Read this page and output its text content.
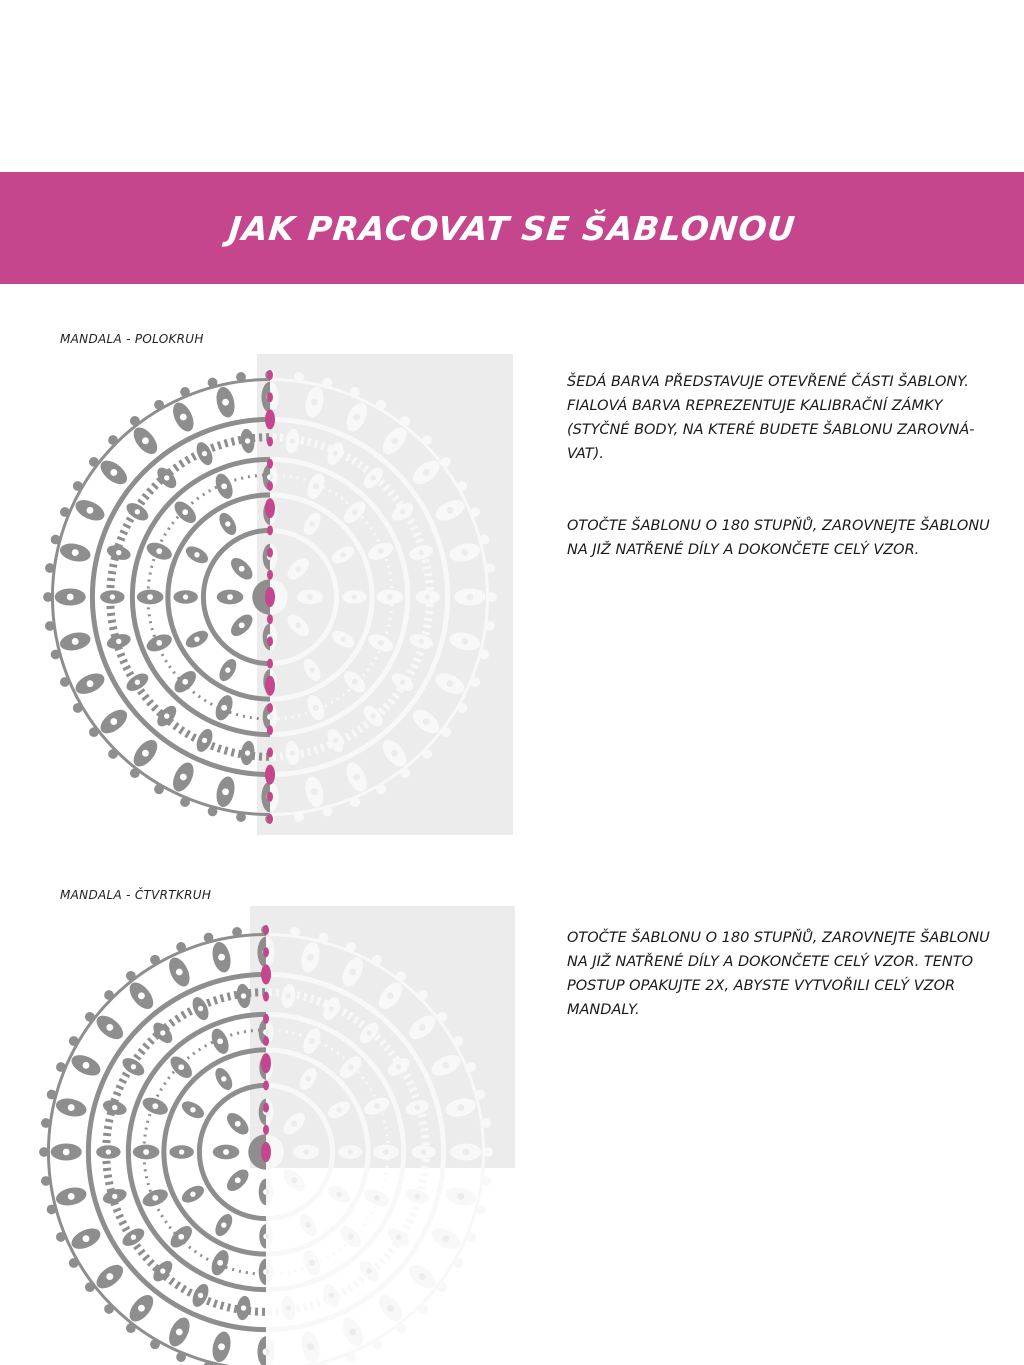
JAK PRACOVAT SE ŠABLONOU
MANDALA - POLOKRUH

ŠEDÁ BARVA PŘEDSTAVUJE OTEVŘENÉ ČÁSTI ŠABLONY. FIALOVÁ BARVA REPREZENTUJE KALIBRAČNÍ ZÁMKY (STYČNÉ BODY, NA KTERÉ BUDETE ŠABLONU ZAROVNÁ-VAT).

OTOČTE ŠABLONU O 180 STUPŇŮ, ZAROVNEJTE ŠABLONU NA JIŽ NATŘENÉ DÍLY A DOKONČETE CELÝ VZOR.

MANDALA - ČTVRTKRUH

OTOČTE ŠABLONU O 180 STUPŇŮ, ZAROVNEJTE ŠABLONU NA JIŽ NATŘENÉ DÍLY A DOKONČETE CELÝ VZOR. TENTO POSTUP OPAKUJTE 2X, ABYSTE VYTVOŘILI CELÝ VZOR MANDALY.
